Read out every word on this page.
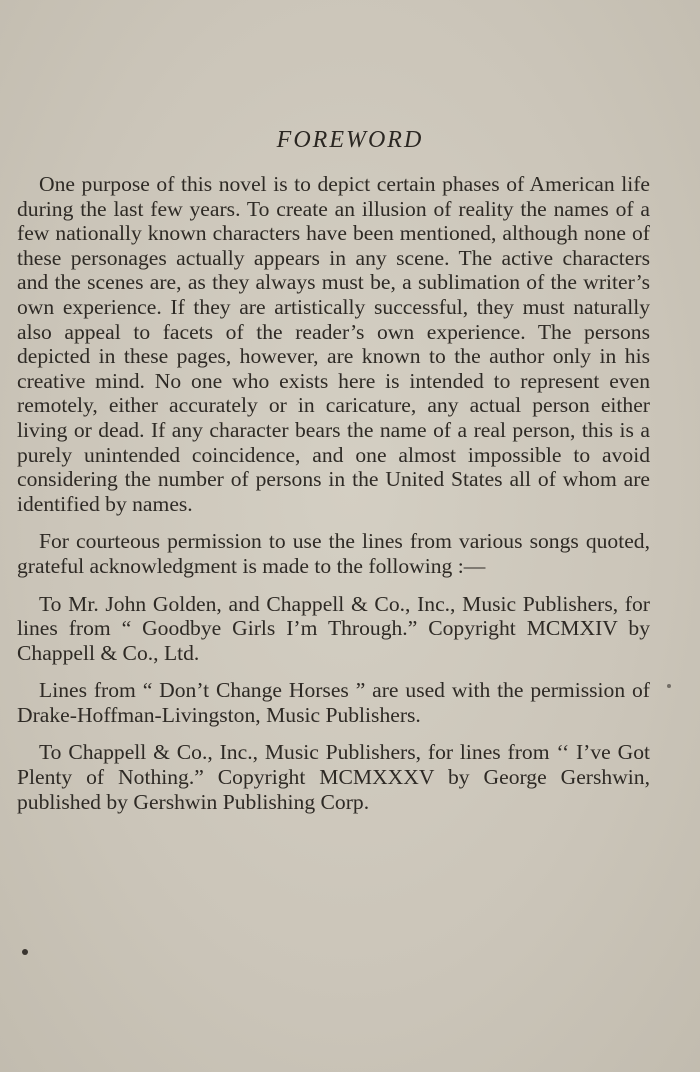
FOREWORD

One purpose of this novel is to depict certain phases of American life during the last few years. To create an illusion of reality the names of a few nationally known characters have been mentioned, although none of these personages actually appears in any scene. The active characters and the scenes are, as they always must be, a sublimation of the writer’s own experience. If they are artistically successful, they must naturally also appeal to facets of the reader’s own experience. The persons depicted in these pages, however, are known to the author only in his creative mind. No one who exists here is intended to represent even remotely, either accurately or in caricature, any actual person either living or dead. If any character bears the name of a real person, this is a purely unintended coincidence, and one almost impossible to avoid considering the number of persons in the United States all of whom are identified by names.

For courteous permission to use the lines from various songs quoted, grateful acknowledgment is made to the following :—

To Mr. John Golden, and Chappell & Co., Inc., Music Publishers, for lines from “ Goodbye Girls I’m Through.” Copyright MCMXIV by Chappell & Co., Ltd.

Lines from “ Don’t Change Horses ” are used with the permission of Drake-Hoffman-Livingston, Music Publishers.

To Chappell & Co., Inc., Music Publishers, for lines from ‘‘ I’ve Got Plenty of Nothing.” Copyright MCMXXXV by George Gershwin, published by Gershwin Publishing Corp.
